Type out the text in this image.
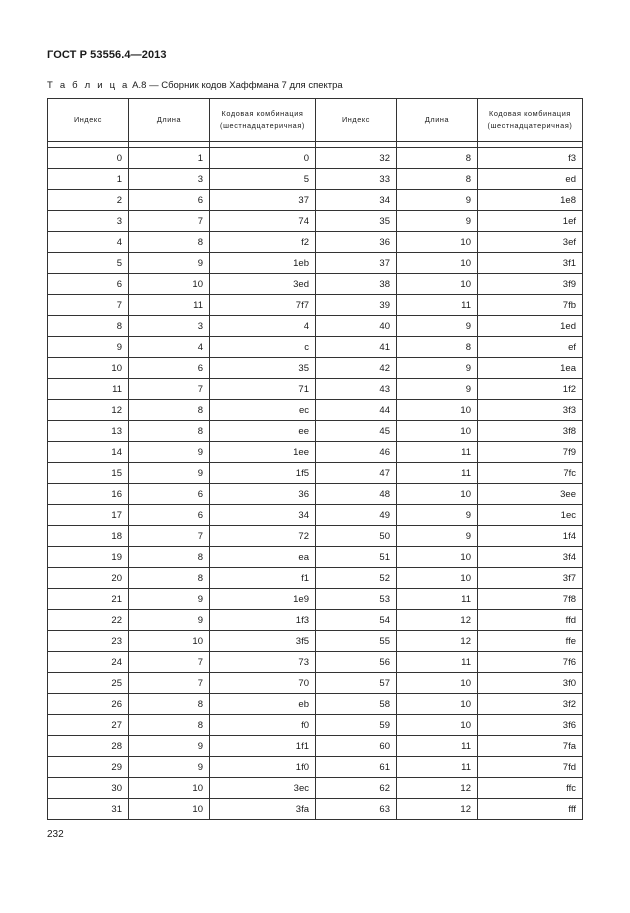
ГОСТ Р 53556.4—2013
Т а б л и ц а А.8 — Сборник кодов Хаффмана 7 для спектра
Индекс	Длина	Кодовая комбинация (шестнадцатеричная)	Индекс	Длина	Кодовая комбинация (шестнадцатеричная)

0	1	0	32	8	f3
1	3	5	33	8	ed
2	6	37	34	9	1e8
3	7	74	35	9	1ef
4	8	f2	36	10	3ef
5	9	1eb	37	10	3f1
6	10	3ed	38	10	3f9
7	11	7f7	39	11	7fb
8	3	4	40	9	1ed
9	4	c	41	8	ef
10	6	35	42	9	1ea
11	7	71	43	9	1f2
12	8	ec	44	10	3f3
13	8	ee	45	10	3f8
14	9	1ee	46	11	7f9
15	9	1f5	47	11	7fc
16	6	36	48	10	3ee
17	6	34	49	9	1ec
18	7	72	50	9	1f4
19	8	ea	51	10	3f4
20	8	f1	52	10	3f7
21	9	1e9	53	11	7f8
22	9	1f3	54	12	ffd
23	10	3f5	55	12	ffe
24	7	73	56	11	7f6
25	7	70	57	10	3f0
26	8	eb	58	10	3f2
27	8	f0	59	10	3f6
28	9	1f1	60	11	7fa
29	9	1f0	61	11	7fd
30	10	3ec	62	12	ffc
31	10	3fa	63	12	fff
232
